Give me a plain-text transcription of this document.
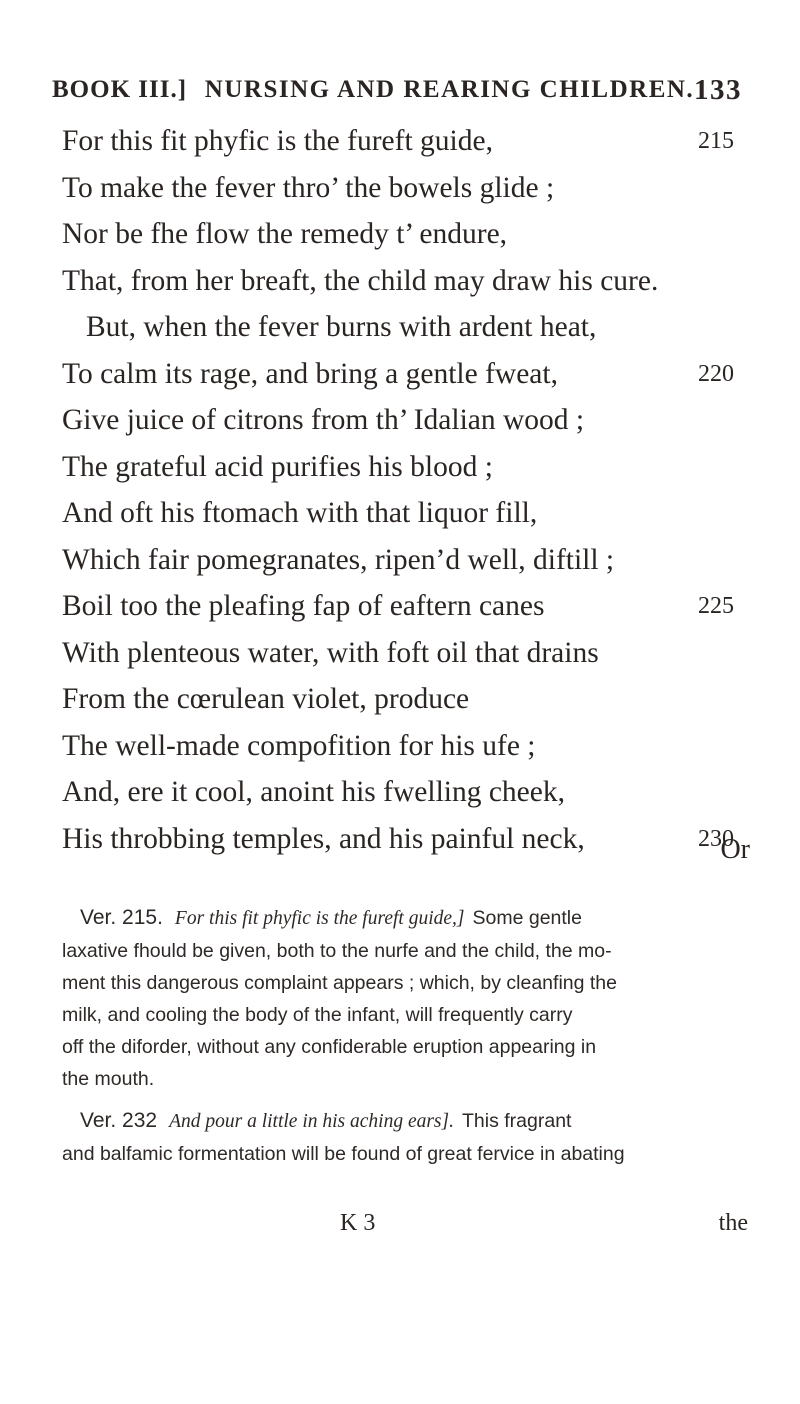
BOOK III.] NURSING AND REARING CHILDREN. 133
For this fit phyfic is the fureft guide,	215
To make the fever thro’ the bowels glide ;
Nor be fhe flow the remedy t’ endure,
That, from her breaft, the child may draw his cure.
But, when the fever burns with ardent heat,
To calm its rage, and bring a gentle fweat,	220
Give juice of citrons from th’ Idalian wood ;
The grateful acid purifies his blood ;
And oft his ftomach with that liquor fill,
Which fair pomegranates, ripen’d well, diftill ;
Boil too the pleafing fap of eaftern canes	225
With plenteous water, with foft oil that drains
From the cœrulean violet, produce
The well-made compofition for his ufe ;
And, ere it cool, anoint his fwelling cheek,
His throbbing temples, and his painful neck,	230
Or

Ver. 215. For this fit phyfic is the fureft guide,] Some gentle

laxative fhould be given, both to the nurfe and the child, the mo-

ment this dangerous complaint appears ; which, by cleanfing the

milk, and cooling the body of the infant, will frequently carry

off the diforder, without any confiderable eruption appearing in

the mouth.

Ver. 232 And pour a little in his aching ears]. This fragrant

and balfamic formentation will be found of great fervice in abating

K 3	the
